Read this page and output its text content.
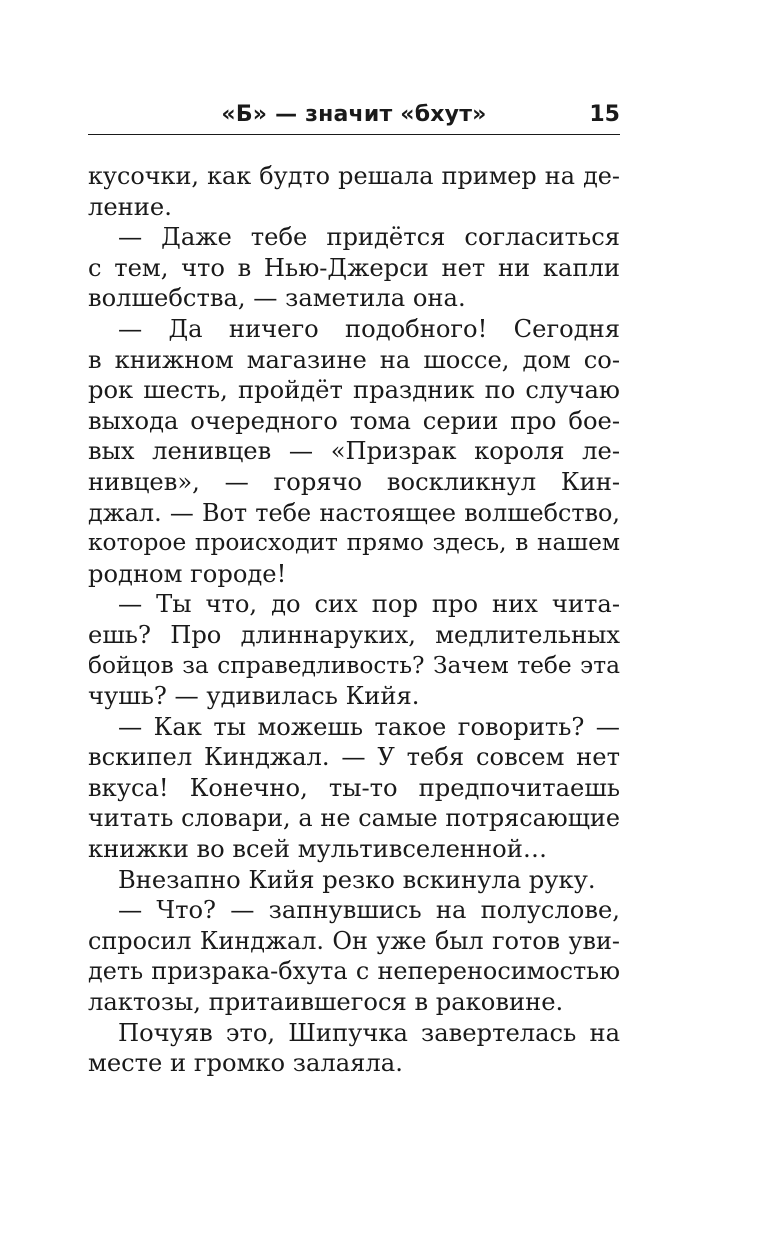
«Б» — значит «бхут»	15
кусочки, как будто решала пример на де-
ление.
— Даже тебе придётся согласиться
с тем, что в Нью-Джерси нет ни капли
волшебства, — заметила она.
— Да ничего подобного! Сегодня
в книжном магазине на шоссе, дом со-
рок шесть, пройдёт праздник по случаю
выхода очередного тома серии про бое-
вых ленивцев — «Призрак короля ле-
нивцев», — горячо воскликнул Кин-
джал. — Вот тебе настоящее волшебство,
которое происходит прямо здесь, в нашем
родном городе!
— Ты что, до сих пор про них чита-
ешь? Про длиннаруких, медлительных
бойцов за справедливость? Зачем тебе эта
чушь? — удивилась Кийя.
— Как ты можешь такое говорить? —
вскипел Кинджал. — У тебя совсем нет
вкуса! Конечно, ты-то предпочитаешь
читать словари, а не самые потрясающие
книжки во всей мультивселенной…
Внезапно Кийя резко вскинула руку.
— Что? — запнувшись на полуслове,
спросил Кинджал. Он уже был готов уви-
деть призрака-бхута с непереносимостью
лактозы, притаившегося в раковине.
Почуяв это, Шипучка завертелась на
месте и громко залаяла.
